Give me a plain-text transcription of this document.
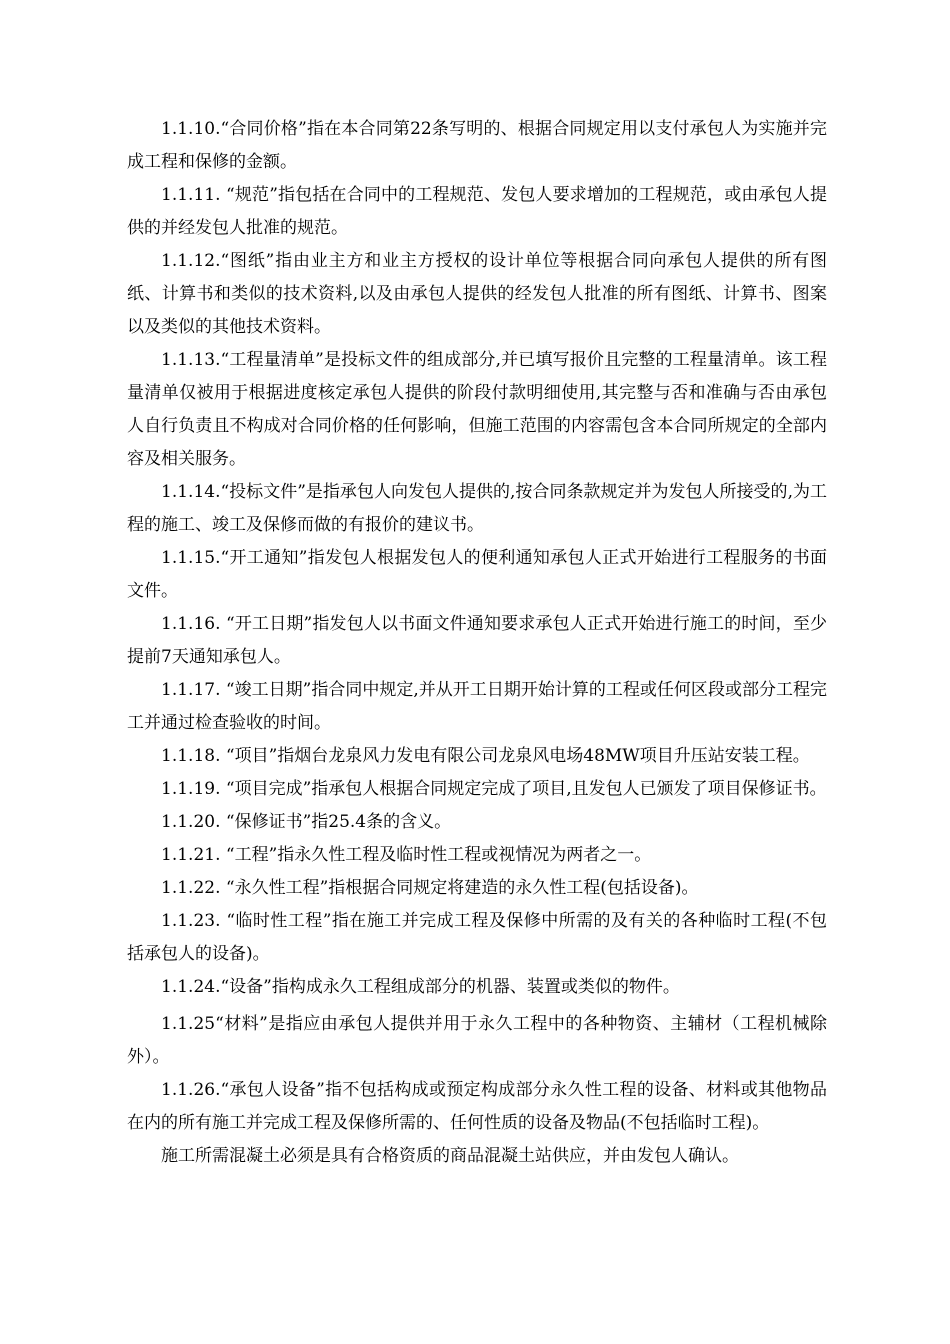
1.1.10.“合同价格”指在本合同第22条写明的、根据合同规定用以支付承包人为实施并完成工程和保修的金额。

1.1.11. “规范”指包括在合同中的工程规范、发包人要求增加的工程规范，或由承包人提供的并经发包人批准的规范。

1.1.12.“图纸”指由业主方和业主方授权的设计单位等根据合同向承包人提供的所有图纸、计算书和类似的技术资料,以及由承包人提供的经发包人批准的所有图纸、计算书、图案以及类似的其他技术资料。

1.1.13.“工程量清单”是投标文件的组成部分,并已填写报价且完整的工程量清单。该工程量清单仅被用于根据进度核定承包人提供的阶段付款明细使用,其完整与否和准确与否由承包人自行负责且不构成对合同价格的任何影响，但施工范围的内容需包含本合同所规定的全部内容及相关服务。

1.1.14.“投标文件”是指承包人向发包人提供的,按合同条款规定并为发包人所接受的,为工程的施工、竣工及保修而做的有报价的建议书。

1.1.15.“开工通知”指发包人根据发包人的便利通知承包人正式开始进行工程服务的书面文件。

1.1.16. “开工日期”指发包人以书面文件通知要求承包人正式开始进行施工的时间，至少提前7天通知承包人。

1.1.17. “竣工日期”指合同中规定,并从开工日期开始计算的工程或任何区段或部分工程完工并通过检查验收的时间。

1.1.18. “项目”指烟台龙泉风力发电有限公司龙泉风电场48MW项目升压站安装工程。

1.1.19. “项目完成”指承包人根据合同规定完成了项目,且发包人已颁发了项目保修证书。

1.1.20. “保修证书”指25.4条的含义。

1.1.21. “工程”指永久性工程及临时性工程或视情况为两者之一。

1.1.22. “永久性工程”指根据合同规定将建造的永久性工程(包括设备)。

1.1.23. “临时性工程”指在施工并完成工程及保修中所需的及有关的各种临时工程(不包括承包人的设备)。

1.1.24.“设备”指构成永久工程组成部分的机器、装置或类似的物件。

1.1.25“材料”是指应由承包人提供并用于永久工程中的各种物资、主辅材（工程机械除外）。

1.1.26.“承包人设备”指不包括构成或预定构成部分永久性工程的设备、材料或其他物品在内的所有施工并完成工程及保修所需的、任何性质的设备及物品(不包括临时工程)。

施工所需混凝土必须是具有合格资质的商品混凝土站供应，并由发包人确认。
